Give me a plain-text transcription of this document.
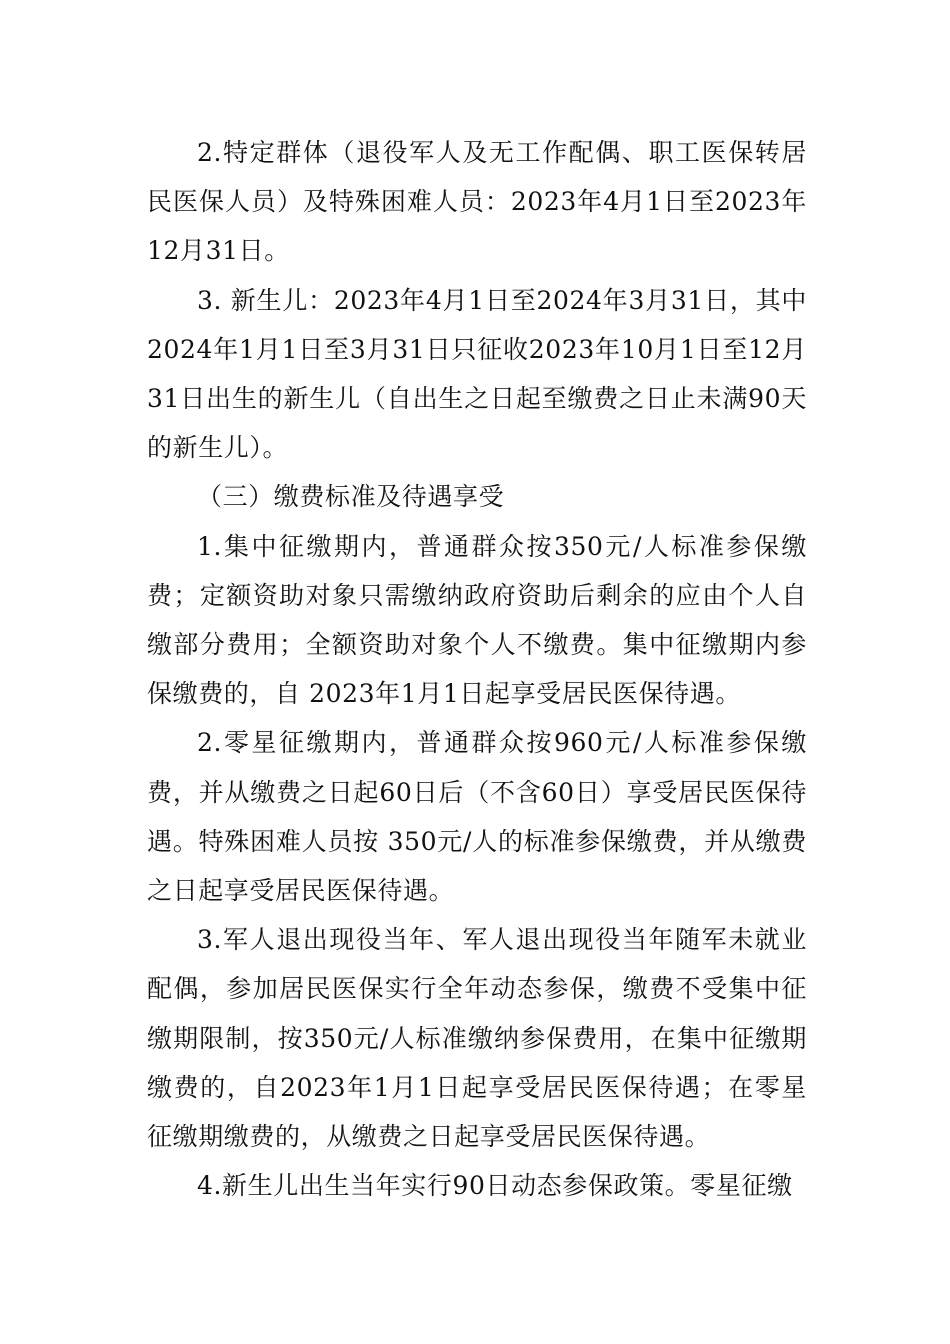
2.特定群体（退役军人及无工作配偶、职工医保转居民医保人员）及特殊困难人员：2023年4月1日至2023年12月31日。

3. 新生儿：2023年4月1日至2024年3月31日，其中2024年1月1日至3月31日只征收2023年10月1日至12月31日出生的新生儿（自出生之日起至缴费之日止未满90天的新生儿）。

（三）缴费标准及待遇享受

1.集中征缴期内，普通群众按350元/人标准参保缴费；定额资助对象只需缴纳政府资助后剩余的应由个人自缴部分费用；全额资助对象个人不缴费。集中征缴期内参保缴费的，自 2023年1月1日起享受居民医保待遇。

2.零星征缴期内，普通群众按960元/人标准参保缴费，并从缴费之日起60日后（不含60日）享受居民医保待遇。特殊困难人员按 350元/人的标准参保缴费，并从缴费之日起享受居民医保待遇。

3.军人退出现役当年、军人退出现役当年随军未就业配偶，参加居民医保实行全年动态参保，缴费不受集中征缴期限制，按350元/人标准缴纳参保费用，在集中征缴期缴费的，自2023年1月1日起享受居民医保待遇；在零星征缴期缴费的，从缴费之日起享受居民医保待遇。

4.新生儿出生当年实行90日动态参保政策。零星征缴
